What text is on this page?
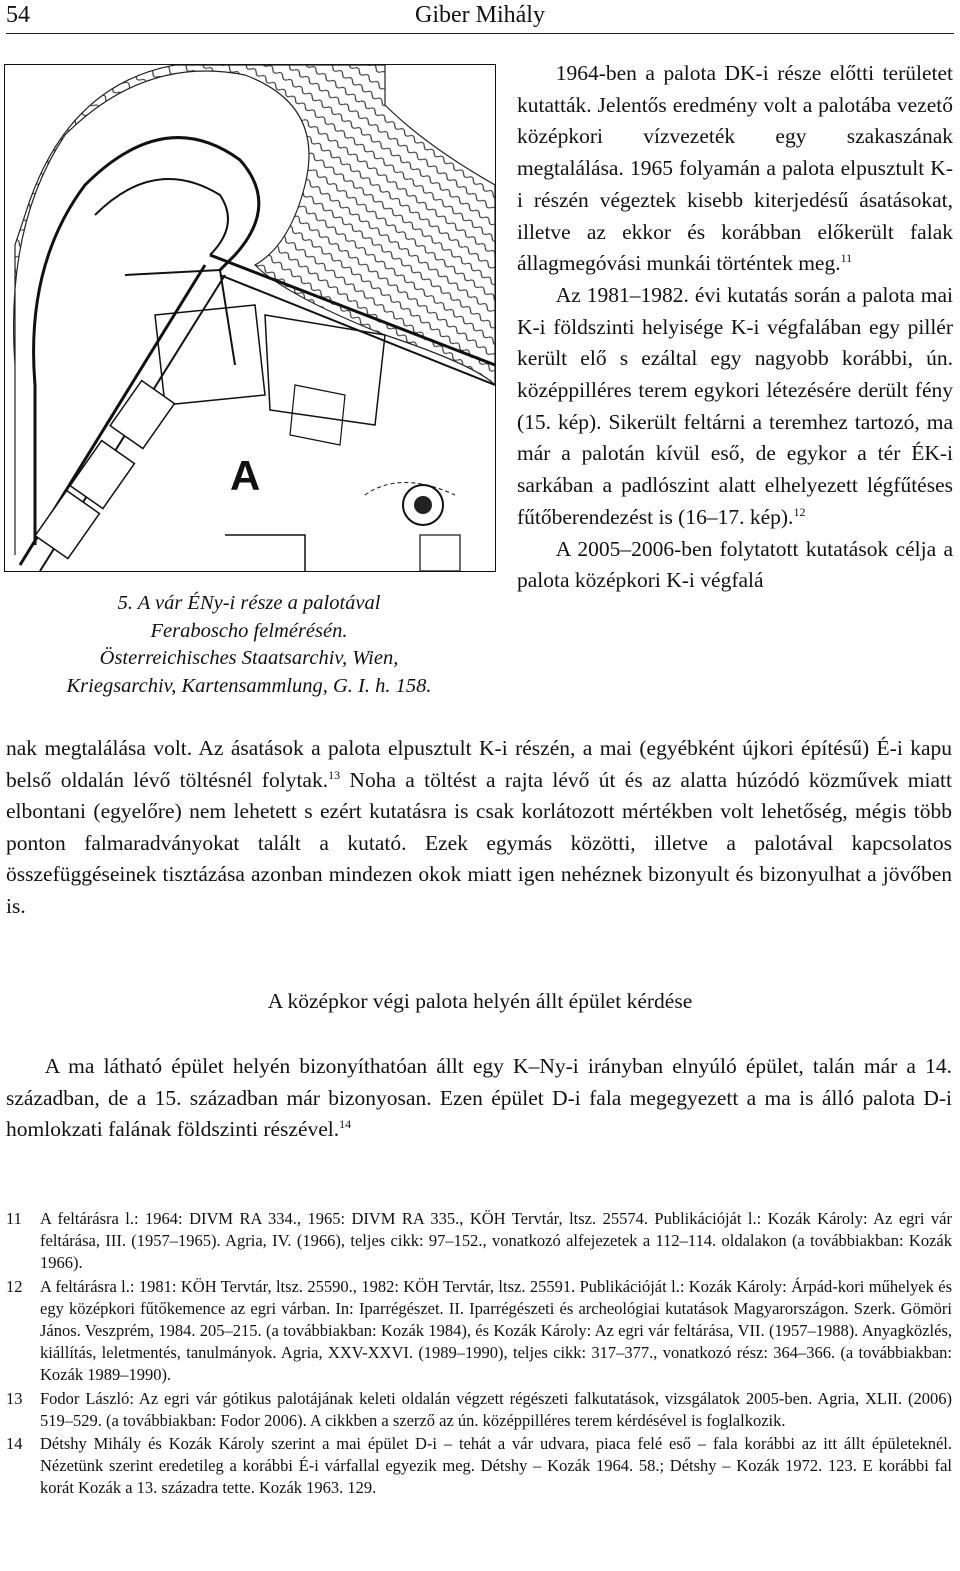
54	Giber Mihály
A
5. A vár ÉNy-i része a palotával
Feraboscho felmérésén.
Österreichisches Staatsarchiv, Wien,
Kriegsarchiv, Kartensammlung, G. I. h. 158.

1964-ben a palota DK-i része előtti területet kutatták. Jelentős eredmény volt a palotába vezető középkori vízvezeték egy szakaszának megtalálása. 1965 folyamán a palota elpusztult K-i részén végeztek kisebb kiterjedésű ásatásokat, illetve az ekkor és korábban előkerült falak állagmegóvási munkái történtek meg.$^{11}$

Az 1981–1982. évi kutatás során a palota mai K-i földszinti helyisége K-i végfalában egy pillér került elő s ezáltal egy nagyobb korábbi, ún. középpilléres terem egykori létezésére derült fény (15. kép). Sikerült feltárni a teremhez tartozó, ma már a palotán kívül eső, de egykor a tér ÉK-i sarkában a padlószint alatt elhelyezett légfűtéses fűtőberendezést is (16–17. kép).$^{12}$

A 2005–2006-ben folytatott kutatások célja a palota középkori K-i végfalá

nak megtalálása volt. Az ásatások a palota elpusztult K-i részén, a mai (egyébként újkori építésű) É-i kapu belső oldalán lévő töltésnél folytak.$^{13}$ Noha a töltést a rajta lévő út és az alatta húzódó közművek miatt elbontani (egyelőre) nem lehetett s ezért kutatásra is csak korlátozott mértékben volt lehetőség, mégis több ponton falmaradványokat talált a kutató. Ezek egymás közötti, illetve a palotával kapcsolatos összefüggéseinek tisztázása azonban mindezen okok miatt igen nehéznek bizonyult és bizonyulhat a jövőben is.

A középkor végi palota helyén állt épület kérdése

A ma látható épület helyén bizonyíthatóan állt egy K–Ny-i irányban elnyúló épület, talán már a 14. században, de a 15. században már bizonyosan. Ezen épület D-i fala megegyezett a ma is álló palota D-i homlokzati falának földszinti részével.$^{14}$

11	A feltárásra l.: 1964: DIVM RA 334., 1965: DIVM RA 335., KÖH Tervtár, ltsz. 25574. Publikációját l.: Kozák Károly: Az egri vár feltárása, III. (1957–1965). Agria, IV. (1966), teljes cikk: 97–152., vonatkozó alfejezetek a 112–114. oldalakon (a továbbiakban: Kozák 1966).
12	A feltárásra l.: 1981: KÖH Tervtár, ltsz. 25590., 1982: KÖH Tervtár, ltsz. 25591. Publikációját l.: Kozák Károly: Árpád-kori műhelyek és egy középkori fűtőkemence az egri várban. In: Iparrégészet. II. Iparrégészeti és archeológiai kutatások Magyarországon. Szerk. Gömöri János. Veszprém, 1984. 205–215. (a továbbiakban: Kozák 1984), és Kozák Károly: Az egri vár feltárása, VII. (1957–1988). Anyagközlés, kiállítás, leletmentés, tanulmányok. Agria, XXV-XXVI. (1989–1990), teljes cikk: 317–377., vonatkozó rész: 364–366. (a továbbiakban: Kozák 1989–1990).
13	Fodor László: Az egri vár gótikus palotájának keleti oldalán végzett régészeti falkutatások, vizsgálatok 2005-ben. Agria, XLII. (2006) 519–529. (a továbbiakban: Fodor 2006). A cikkben a szerző az ún. középpilléres terem kérdésével is foglalkozik.
14	Détshy Mihály és Kozák Károly szerint a mai épület D-i – tehát a vár udvara, piaca felé eső – fala korábbi az itt állt épületeknél. Nézetünk szerint eredetileg a korábbi É-i várfallal egyezik meg. Détshy – Kozák 1964. 58.; Détshy – Kozák 1972. 123. E korábbi fal korát Kozák a 13. századra tette. Kozák 1963. 129.
